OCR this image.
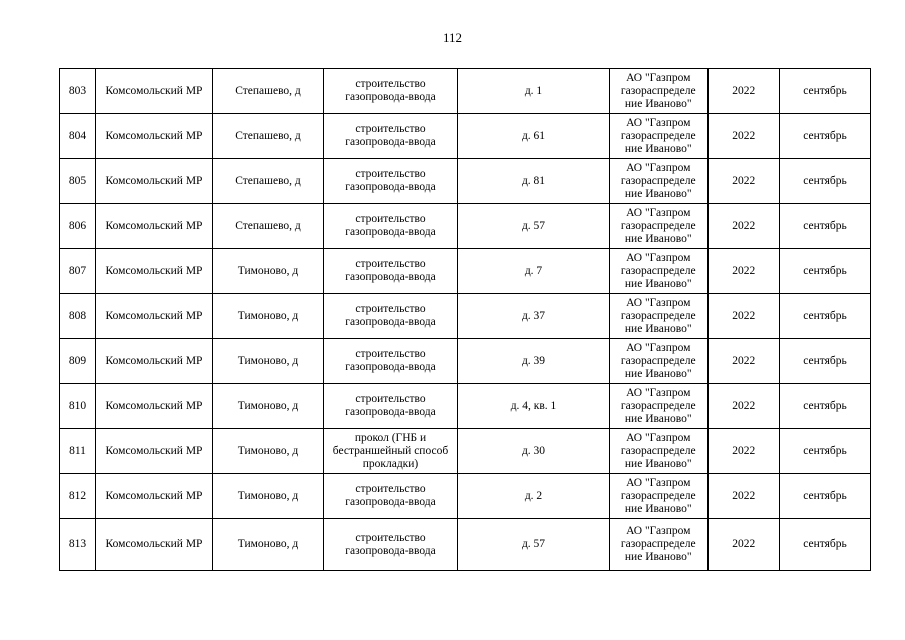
112
803	Комсомольский МР	Степашево, д	строительство газопровода-ввода	д. 1	АО "Газпром газораспределе ние Иваново"	2022	сентябрь
804	Комсомольский МР	Степашево, д	строительство газопровода-ввода	д. 61	АО "Газпром газораспределе ние Иваново"	2022	сентябрь
805	Комсомольский МР	Степашево, д	строительство газопровода-ввода	д. 81	АО "Газпром газораспределе ние Иваново"	2022	сентябрь
806	Комсомольский МР	Степашево, д	строительство газопровода-ввода	д. 57	АО "Газпром газораспределе ние Иваново"	2022	сентябрь
807	Комсомольский МР	Тимоново, д	строительство газопровода-ввода	д. 7	АО "Газпром газораспределе ние Иваново"	2022	сентябрь
808	Комсомольский МР	Тимоново, д	строительство газопровода-ввода	д. 37	АО "Газпром газораспределе ние Иваново"	2022	сентябрь
809	Комсомольский МР	Тимоново, д	строительство газопровода-ввода	д. 39	АО "Газпром газораспределе ние Иваново"	2022	сентябрь
810	Комсомольский МР	Тимоново, д	строительство газопровода-ввода	д. 4, кв. 1	АО "Газпром газораспределе ние Иваново"	2022	сентябрь
811	Комсомольский МР	Тимоново, д	прокол (ГНБ и бестраншейный способ прокладки)	д. 30	АО "Газпром газораспределе ние Иваново"	2022	сентябрь
812	Комсомольский МР	Тимоново, д	строительство газопровода-ввода	д. 2	АО "Газпром газораспределе ние Иваново"	2022	сентябрь
813	Комсомольский МР	Тимоново, д	строительство газопровода-ввода	д. 57	АО "Газпром газораспределе ние Иваново"	2022	сентябрь
